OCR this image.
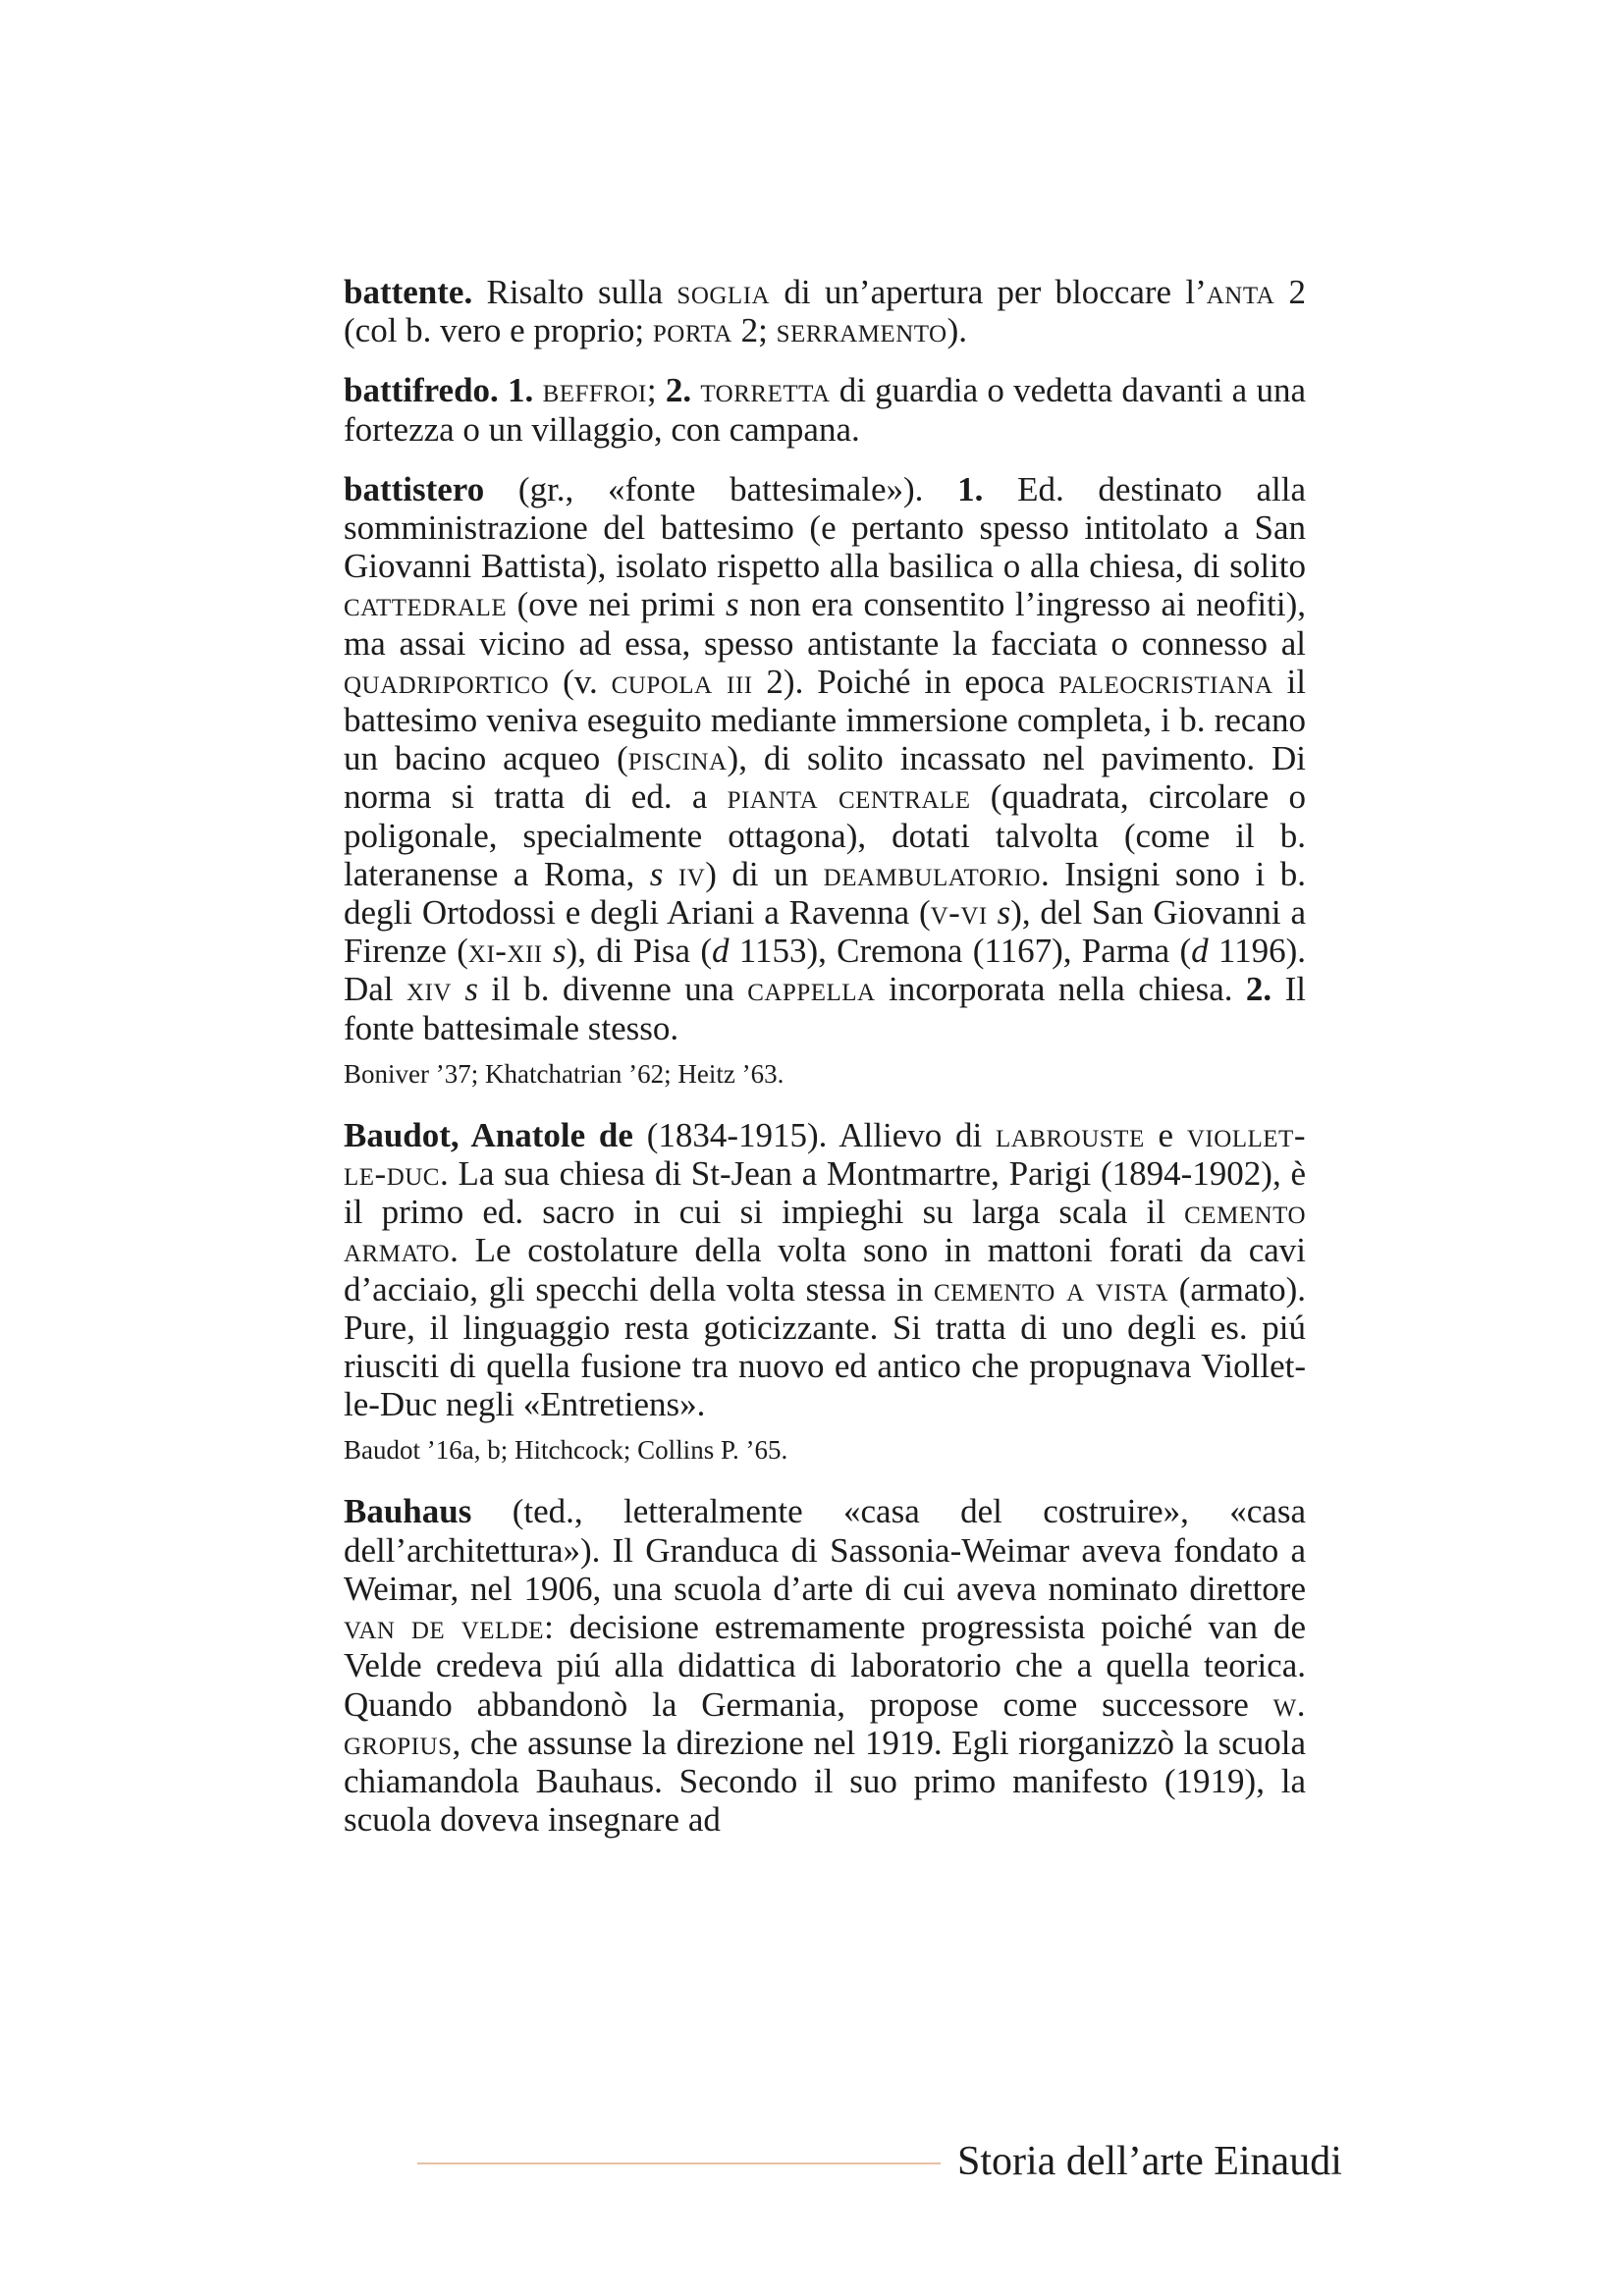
battente. Risalto sulla soglia di un’apertura per bloccare l’anta 2 (col b. vero e proprio; porta 2; serramento).

battifredo. 1. beffroi; 2. torretta di guardia o vedetta davanti a una fortezza o un villaggio, con campana.

battistero (gr., «fonte battesimale»). 1. Ed. destinato alla somministrazione del battesimo (e pertanto spesso intitolato a San Giovanni Battista), isolato rispetto alla basilica o alla chiesa, di solito cattedrale (ove nei primi s non era consentito l’ingresso ai neofiti), ma assai vicino ad essa, spesso antistante la facciata o connesso al quadriportico (v. cupola iii 2). Poiché in epoca paleocristiana il battesimo veniva eseguito mediante immersione completa, i b. recano un bacino acqueo (piscina), di solito incassato nel pavimento. Di norma si tratta di ed. a pianta centrale (quadrata, circolare o poligonale, specialmente ottagona), dotati talvolta (come il b. lateranense a Roma, s iv) di un deambulatorio. Insigni sono i b. degli Ortodossi e degli Ariani a Ravenna (v-vi s), del San Giovanni a Firenze (xi-xii s), di Pisa (d 1153), Cremona (1167), Parma (d 1196). Dal xiv s il b. divenne una cappella incorporata nella chiesa. 2. Il fonte battesimale stesso.

Boniver ’37; Khatchatrian ’62; Heitz ’63.

Baudot, Anatole de (1834-1915). Allievo di labrouste e viollet-le-duc. La sua chiesa di St-Jean a Montmartre, Parigi (1894-1902), è il primo ed. sacro in cui si impieghi su larga scala il cemento armato. Le costolature della volta sono in mattoni forati da cavi d’acciaio, gli specchi della volta stessa in cemento a vista (armato). Pure, il linguaggio resta goticizzante. Si tratta di uno degli es. piú riusciti di quella fusione tra nuovo ed antico che propugnava Viollet-le-Duc negli «Entretiens».

Baudot ’16a, b; Hitchcock; Collins P. ’65.

Bauhaus (ted., letteralmente «casa del costruire», «casa dell’architettura»). Il Granduca di Sassonia-Weimar aveva fondato a Weimar, nel 1906, una scuola d’arte di cui aveva nominato direttore van de velde: decisione estremamente progressista poiché van de Velde credeva piú alla didattica di laboratorio che a quella teorica. Quando abbandonò la Germania, propose come successore w. gropius, che assunse la direzione nel 1919. Egli riorganizzò la scuola chiamandola Bauhaus. Secondo il suo primo manifesto (1919), la scuola doveva insegnare ad

Storia dell’arte Einaudi
